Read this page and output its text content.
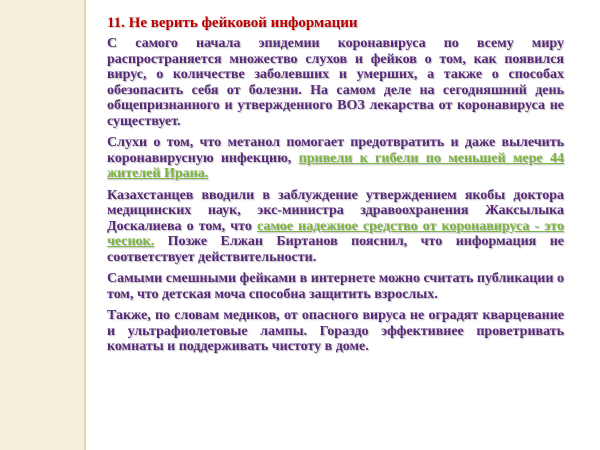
11. Не верить фейковой информации

С самого начала эпидемии коронавируса по всему миру распространяется множество слухов и фейков о том, как появился вирус, о количестве заболевших и умерших, а также о способах обезопасить себя от болезни. На самом деле на сегодняшний день общепризнанного и утвержденного ВОЗ лекарства от коронавируса не существует.

Слухи о том, что метанол помогает предотвратить и даже вылечить коронавирусную инфекцию, привели к гибели по меньшей мере 44 жителей Ирана.

Казахстанцев вводили в заблуждение утверждением якобы доктора медицинских наук, экс-министра здравоохранения Жаксылыка Доскалиева о том, что самое надежное средство от коронавируса - это чеснок. Позже Елжан Биртанов пояснил, что информация не соответствует действительности.

Самыми смешными фейками в интернете можно считать публикации о том, что детская моча способна защитить взрослых.

Также, по словам медиков, от опасного вируса не оградят кварцевание и ультрафиолетовые лампы. Гораздо эффективнее проветривать комнаты и поддерживать чистоту в доме.
